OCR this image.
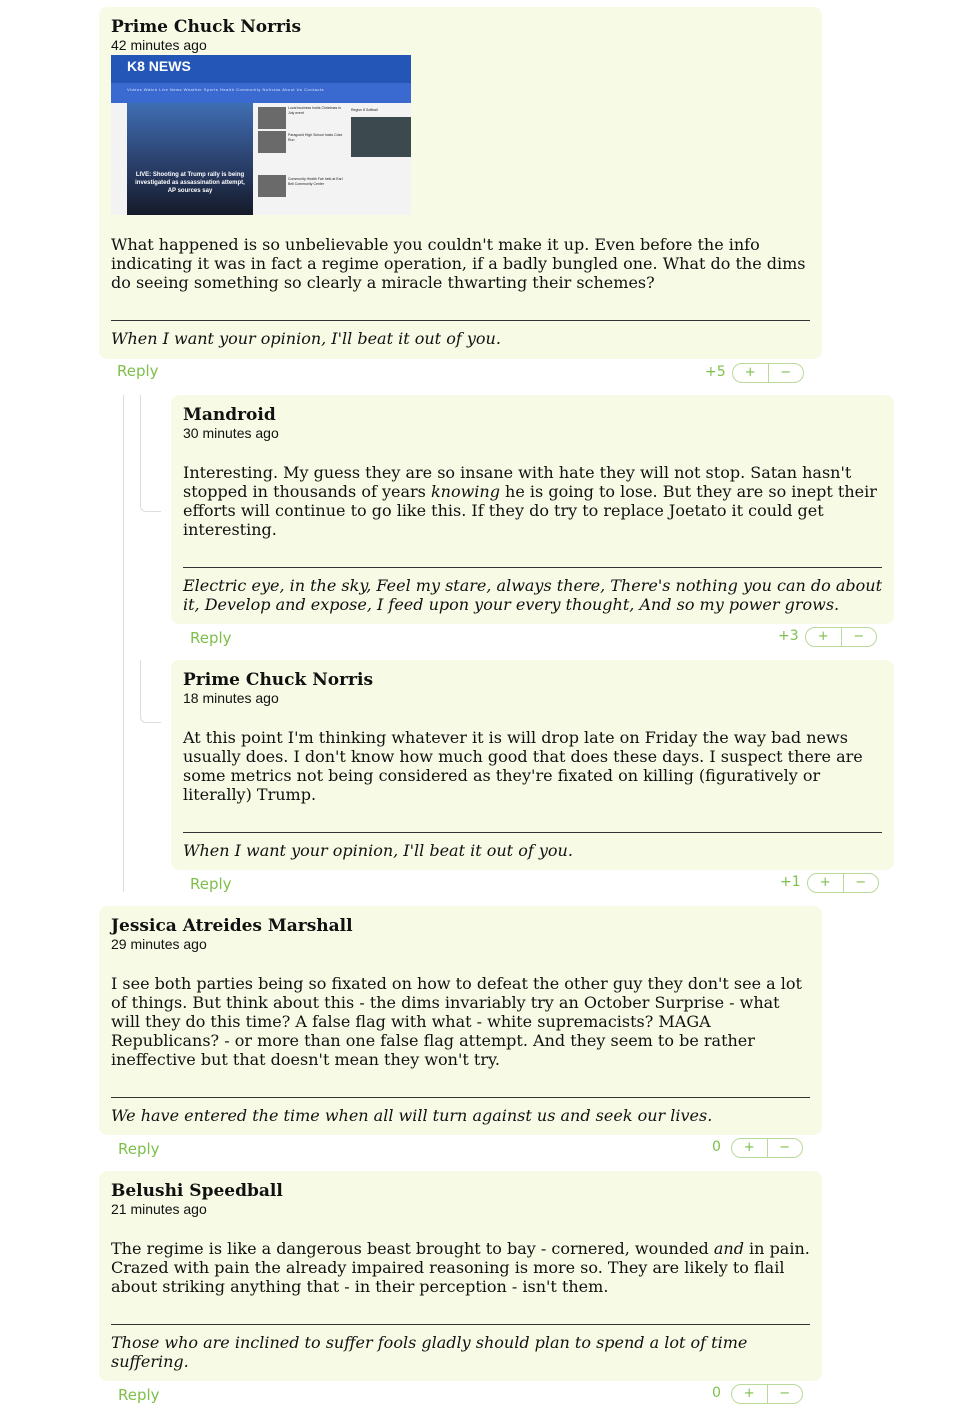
Prime Chuck Norris
42 minutes ago
K8 NEWS
Videos Watch Live News Weather Sports Health Community Noticias About Us Contacts
LIVE: Shooting at Trump rally is being investigated as assassination attempt, AP sources say
Local business holds Christmas in July event
Paragould High School hosts Color Run
Community Health Fair held at Earl Bell Community Center
Region 8 Softball
What happened is so unbelievable you couldn't make it up. Even before the info indicating it was in fact a regime operation, if a badly bungled one. What do the dims do seeing something so clearly a miracle thwarting their schemes?
When I want your opinion, I'll beat it out of you.
Reply	+5	+	−
Mandroid
30 minutes ago
Interesting. My guess they are so insane with hate they will not stop. Satan hasn't stopped in thousands of years knowing he is going to lose. But they are so inept their efforts will continue to go like this. If they do try to replace Joetato it could get interesting.
Electric eye, in the sky, Feel my stare, always there, There's nothing you can do about it, Develop and expose, I feed upon your every thought, And so my power grows.
Reply	+3	+	−
Prime Chuck Norris
18 minutes ago
At this point I'm thinking whatever it is will drop late on Friday the way bad news usually does. I don't know how much good that does these days. I suspect there are some metrics not being considered as they're fixated on killing (figuratively or literally) Trump.
When I want your opinion, I'll beat it out of you.
Reply	+1	+	−
Jessica Atreides Marshall
29 minutes ago
I see both parties being so fixated on how to defeat the other guy they don't see a lot of things. But think about this - the dims invariably try an October Surprise - what will they do this time? A false flag with what - white supremacists? MAGA Republicans? - or more than one false flag attempt. And they seem to be rather ineffective but that doesn't mean they won't try.
We have entered the time when all will turn against us and seek our lives.
Reply	0	+	−
Belushi Speedball
21 minutes ago
The regime is like a dangerous beast brought to bay - cornered, wounded and in pain. Crazed with pain the already impaired reasoning is more so. They are likely to flail about striking anything that - in their perception - isn't them.
Those who are inclined to suffer fools gladly should plan to spend a lot of time suffering.
Reply	0	+	−
